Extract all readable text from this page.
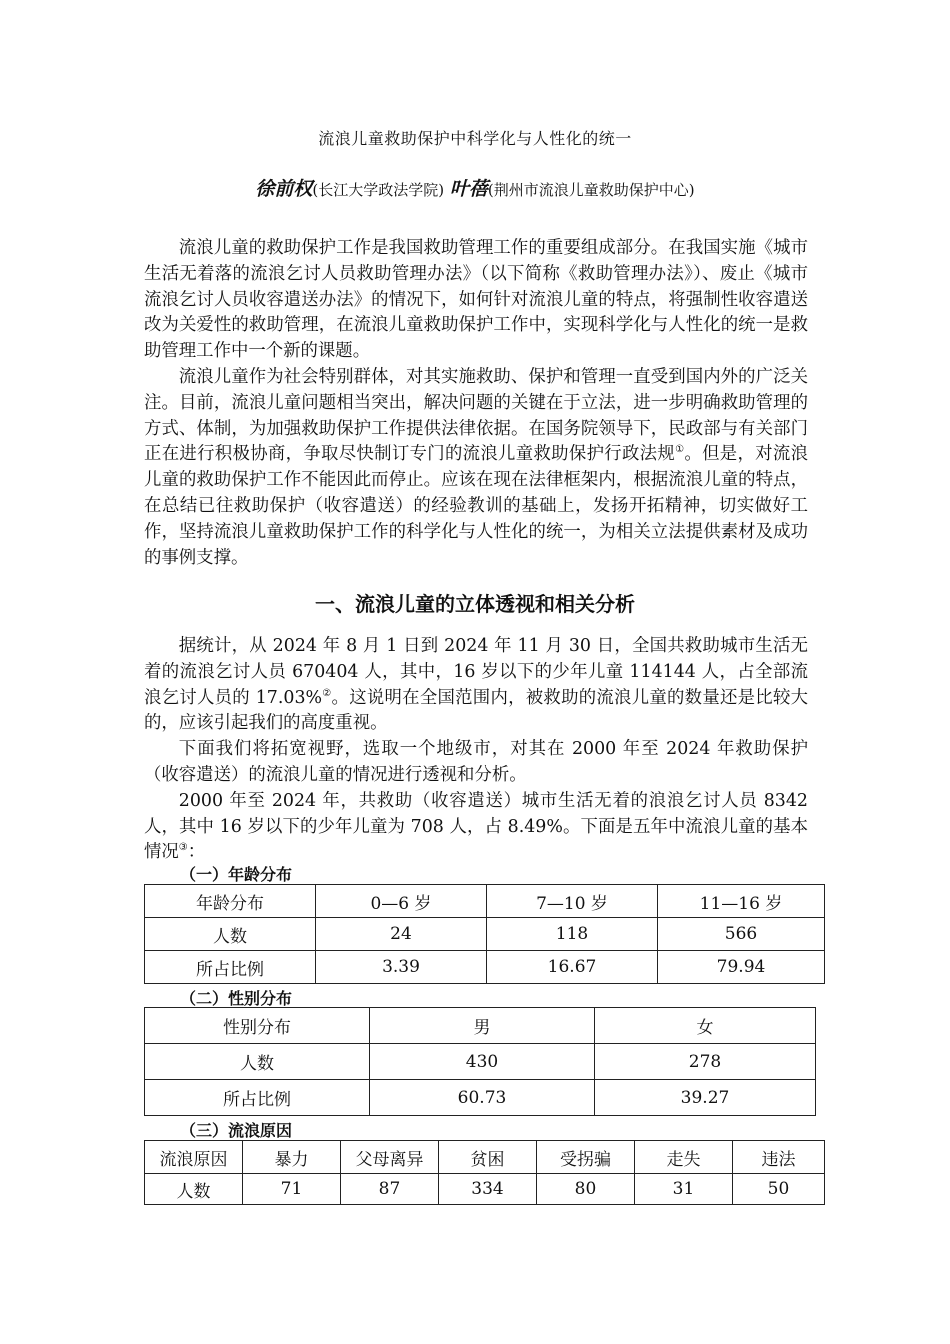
流浪儿童救助保护中科学化与人性化的统一
徐前权(长江大学政法学院) 叶蓓(荆州市流浪儿童救助保护中心)

流浪儿童的救助保护工作是我国救助管理工作的重要组成部分。在我国实施《城市生活无着落的流浪乞讨人员救助管理办法》（以下简称《救助管理办法》）、废止《城市流浪乞讨人员收容遣送办法》的情况下，如何针对流浪儿童的特点，将强制性收容遣送改为关爱性的救助管理，在流浪儿童救助保护工作中，实现科学化与人性化的统一是救助管理工作中一个新的课题。

流浪儿童作为社会特别群体，对其实施救助、保护和管理一直受到国内外的广泛关注。目前，流浪儿童问题相当突出，解决问题的关键在于立法，进一步明确救助管理的方式、体制，为加强救助保护工作提供法律依据。在国务院领导下，民政部与有关部门正在进行积极协商，争取尽快制订专门的流浪儿童救助保护行政法规①。但是，对流浪儿童的救助保护工作不能因此而停止。应该在现在法律框架内，根据流浪儿童的特点，在总结已往救助保护（收容遣送）的经验教训的基础上，发扬开拓精神，切实做好工作，坚持流浪儿童救助保护工作的科学化与人性化的统一，为相关立法提供素材及成功的事例支撑。

一、流浪儿童的立体透视和相关分析

据统计，从 2024 年 8 月 1 日到 2024 年 11 月 30 日，全国共救助城市生活无着的流浪乞讨人员 670404 人，其中，16 岁以下的少年儿童 114144 人，占全部流浪乞讨人员的 17.03%②。这说明在全国范围内，被救助的流浪儿童的数量还是比较大的，应该引起我们的高度重视。

下面我们将拓宽视野，选取一个地级市，对其在 2000 年至 2024 年救助保护（收容遣送）的流浪儿童的情况进行透视和分析。

2000 年至 2024 年，共救助（收容遣送）城市生活无着的浪浪乞讨人员 8342 人，其中 16 岁以下的少年儿童为 708 人，占 8.49%。下面是五年中流浪儿童的基本情况③：

（一）年龄分布
年龄分布	0—6 岁	7—10 岁	11—16 岁
人数	24	118	566
所占比例	3.39	16.67	79.94
（二）性别分布
性别分布	男	女
人数	430	278
所占比例	60.73	39.27
（三）流浪原因
流浪原因	暴力	父母离异	贫困	受拐骗	走失	违法
人数	71	87	334	80	31	50
